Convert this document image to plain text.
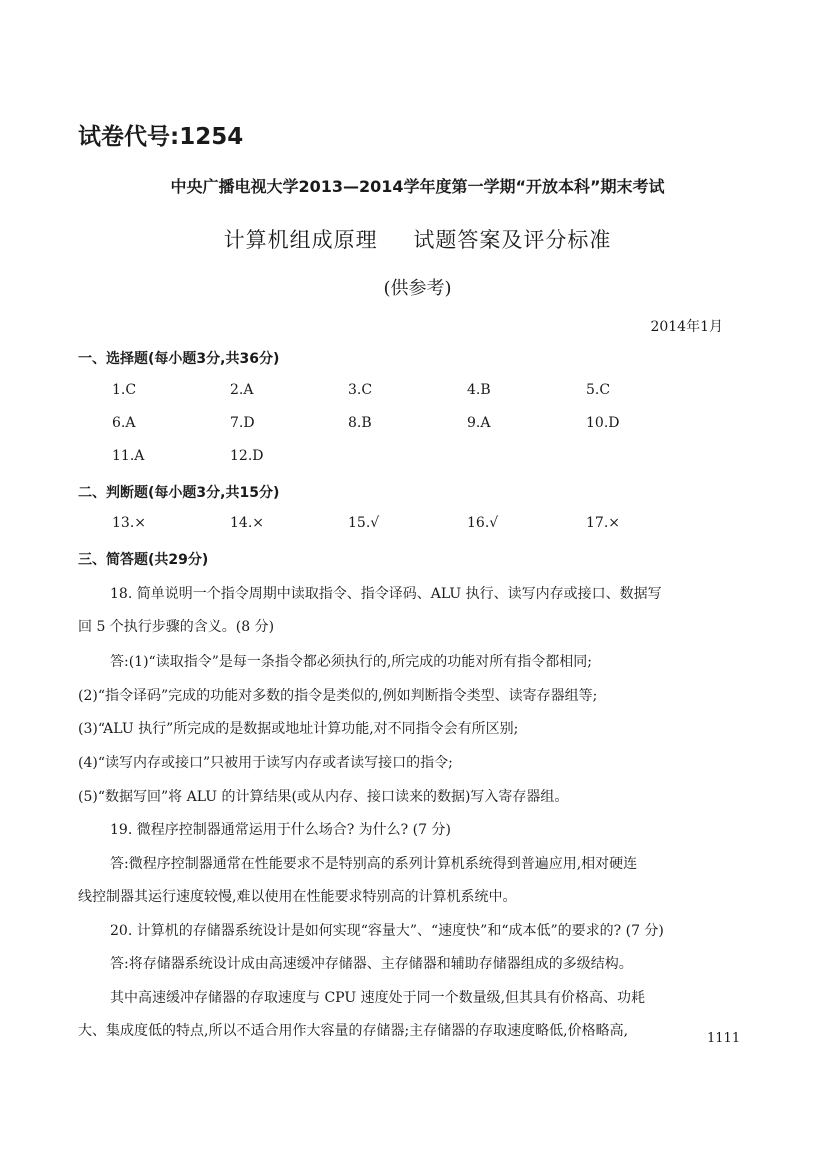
试卷代号:1254
中央广播电视大学2013—2014学年度第一学期“开放本科”期末考试
计算机组成原理 试题答案及评分标准
(供参考)
2014年1月
一、选择题(每小题3分,共36分)
1.C	2.A	3.C	4.B	5.C
6.A	7.D	8.B	9.A	10.D
11.A	12.D
二、判断题(每小题3分,共15分)
13.×	14.×	15.√	16.√	17.×
三、简答题(共29分)
18. 简单说明一个指令周期中读取指令、指令译码、ALU 执行、读写内存或接口、数据写
回 5 个执行步骤的含义。(8 分)
答:(1)“读取指令”是每一条指令都必须执行的,所完成的功能对所有指令都相同;
(2)“指令译码”完成的功能对多数的指令是类似的,例如判断指令类型、读寄存器组等;
(3)“ALU 执行”所完成的是数据或地址计算功能,对不同指令会有所区别;
(4)“读写内存或接口”只被用于读写内存或者读写接口的指令;
(5)“数据写回”将 ALU 的计算结果(或从内存、接口读来的数据)写入寄存器组。
19. 微程序控制器通常运用于什么场合? 为什么? (7 分)
答:微程序控制器通常在性能要求不是特别高的系列计算机系统得到普遍应用,相对硬连
线控制器其运行速度较慢,难以使用在性能要求特别高的计算机系统中。
20. 计算机的存储器系统设计是如何实现“容量大”、“速度快”和“成本低”的要求的? (7 分)
答:将存储器系统设计成由高速缓冲存储器、主存储器和辅助存储器组成的多级结构。
其中高速缓冲存储器的存取速度与 CPU 速度处于同一个数量级,但其具有价格高、功耗
大、集成度低的特点,所以不适合用作大容量的存储器;主存储器的存取速度略低,价格略高,	1111
